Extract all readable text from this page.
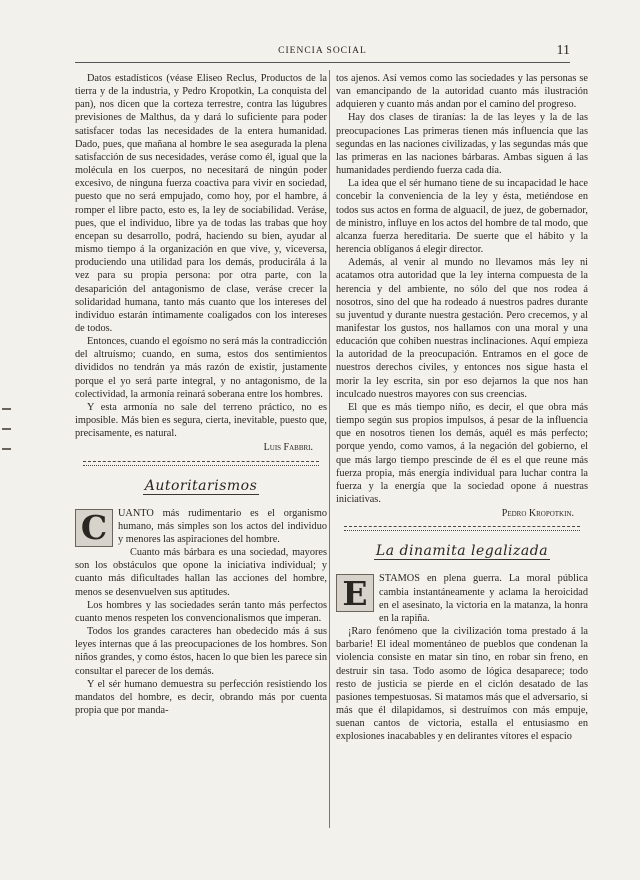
CIENCIA SOCIAL	11

Datos estadísticos (véase Eliseo Reclus, Productos de la tierra y de la industria, y Pedro Kropotkin, La conquista del pan), nos dicen que la corteza terrestre, contra las lúgubres previsiones de Malthus, da y dará lo suficiente para poder satisfacer todas las necesidades de la entera humanidad. Dado, pues, que mañana al hombre le sea asegurada la plena satisfacción de sus necesidades, veráse como él, igual que la molécula en los cuerpos, no necesitará de ningún poder excesivo, de ninguna fuerza coactiva para vivir en sociedad, puesto que no será empujado, como hoy, por el hambre, á romper el libre pacto, esto es, la ley de sociabilidad. Veráse, pues, que el individuo, libre ya de todas las trabas que hoy encepan su desarrollo, podrá, haciendo su bien, ayudar al mismo tiempo á la organización en que vive, y, viceversa, produciendo una utilidad para los demás, producirála á la vez para su propia persona: por otra parte, con la desaparición del antagonismo de clase, veráse crecer la solidaridad humana, tanto más cuanto que los intereses del individuo estarán íntimamente coaligados con los intereses de todos.

Entonces, cuando el egoísmo no será más la contradicción del altruísmo; cuando, en suma, estos dos sentimientos divididos no tendrán ya más razón de existir, justamente porque el yo será parte integral, y no antagonismo, de la colectividad, la armonía reinará soberana entre los hombres.

Y esta armonía no sale del terreno práctico, no es imposible. Más bien es segura, cierta, inevitable, puesto que, precisamente, es natural.

Luis Fabbri.
Autoritarismos

C	UANTO más rudimentario es el organismo humano, más simples son los actos del individuo y menores las aspiraciones del hombre.

Cuanto más bárbara es una sociedad, mayores son los obstáculos que opone la iniciativa individual; y cuanto más dificultades hallan las acciones del hombre, menos se desenvuelven sus aptitudes.

Los hombres y las sociedades serán tanto más perfectos cuanto menos respeten los convencionalismos que imperan.

Todos los grandes caracteres han obedecido más á sus leyes internas que á las preocupaciones de los hombres. Son niños grandes, y como éstos, hacen lo que bien les parece sin consultar el parecer de los demás.

Y el sér humano demuestra su perfección resistiendo los mandatos del hombre, es decir, obrando más por cuenta propia que por manda-

tos ajenos. Así vemos como las sociedades y las personas se van emancipando de la autoridad cuanto más ilustración adquieren y cuanto más andan por el camino del progreso.

Hay dos clases de tiranías: la de las leyes y la de las preocupaciones Las primeras tienen más influencia que las segundas en las naciones civilizadas, y las segundas más que las primeras en las naciones bárbaras. Ambas siguen á las humanidades perdiendo fuerza cada día.

La idea que el sér humano tiene de su incapacidad le hace concebir la conveniencia de la ley y ésta, metiéndose en todos sus actos en forma de alguacil, de juez, de gobernador, de ministro, influye en los actos del hombre de tal modo, que alcanza fuerza hereditaria. De suerte que el hábito y la herencia oblíganos á elegir director.

Además, al venir al mundo no llevamos más ley ni acatamos otra autoridad que la ley interna compuesta de la herencia y del ambiente, no sólo del que nos rodea á nosotros, sino del que ha rodeado á nuestros padres durante su juventud y durante nuestra gestación. Pero crecemos, y al manifestar los gustos, nos hallamos con una moral y una educación que cohiben nuestras inclinaciones. Aquí empieza la autoridad de la preocupación. Entramos en el goce de nuestros derechos civiles, y entonces nos sigue hasta el morir la ley escrita, sin por eso dejarnos la que nos han inculcado nuestros mayores con sus creencias.

El que es más tiempo niño, es decir, el que obra más tiempo según sus propios impulsos, á pesar de la influencia que en nosotros tienen los demás, aquél es más perfecto; porque yendo, como vamos, á la negación del gobierno, el que más largo tiempo prescinde de él es el que reune más fuerza propia, más energía individual para luchar contra la fuerza y la energía que la sociedad opone á nuestras iniciativas.

Pedro Kropotkin.
La dinamita legalizada

E	STAMOS en plena guerra. La moral pública cambia instantáneamente y aclama la heroicidad en el asesinato, la victoria en la matanza, la honra en la rapiña.

¡Raro fenómeno que la civilización toma prestado á la barbarie! El ideal momentáneo de pueblos que condenan la violencia consiste en matar sin tino, en robar sin freno, en destruir sin tasa. Todo asomo de lógica desaparece; todo resto de justicia se pierde en el ciclón desatado de las pasiones tempestuosas. Si matamos más que el adversario, si más que él dilapidamos, si destruímos con más empuje, suenan cantos de victoria, estalla el entusiasmo en explosiones inacabables y en delirantes vítores el espacio
